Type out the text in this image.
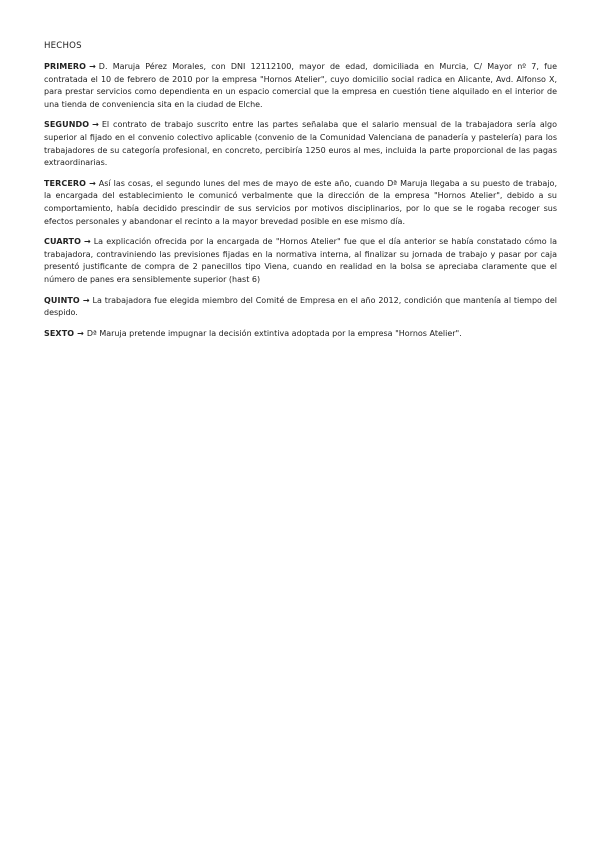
HECHOS

PRIMERO → D. Maruja Pérez Morales, con DNI 12112100, mayor de edad, domiciliada en Murcia, C/ Mayor nº 7, fue contratada el 10 de febrero de 2010 por la empresa "Hornos Atelier", cuyo domicilio social radica en Alicante, Avd. Alfonso X, para prestar servicios como dependienta en un espacio comercial que la empresa en cuestión tiene alquilado en el interior de una tienda de conveniencia sita en la ciudad de Elche.

SEGUNDO → El contrato de trabajo suscrito entre las partes señalaba que el salario mensual de la trabajadora sería algo superior al fijado en el convenio colectivo aplicable (convenio de la Comunidad Valenciana de panadería y pastelería) para los trabajadores de su categoría profesional, en concreto, percibiría 1250 euros al mes, incluida la parte proporcional de las pagas extraordinarias.

TERCERO → Así las cosas, el segundo lunes del mes de mayo de este año, cuando Dª Maruja llegaba a su puesto de trabajo, la encargada del establecimiento le comunicó verbalmente que la dirección de la empresa "Hornos Atelier", debido a su comportamiento, había decidido prescindir de sus servicios por motivos disciplinarios, por lo que se le rogaba recoger sus efectos personales y abandonar el recinto a la mayor brevedad posible en ese mismo día.

CUARTO → La explicación ofrecida por la encargada de "Hornos Atelier" fue que el día anterior se había constatado cómo la trabajadora, contraviniendo las previsiones fijadas en la normativa interna, al finalizar su jornada de trabajo y pasar por caja presentó justificante de compra de 2 panecillos tipo Viena, cuando en realidad en la bolsa se apreciaba claramente que el número de panes era sensiblemente superior (hast 6)

QUINTO → La trabajadora fue elegida miembro del Comité de Empresa en el año 2012, condición que mantenía al tiempo del despido.

SEXTO → Dª Maruja pretende impugnar la decisión extintiva adoptada por la empresa "Hornos Atelier".
